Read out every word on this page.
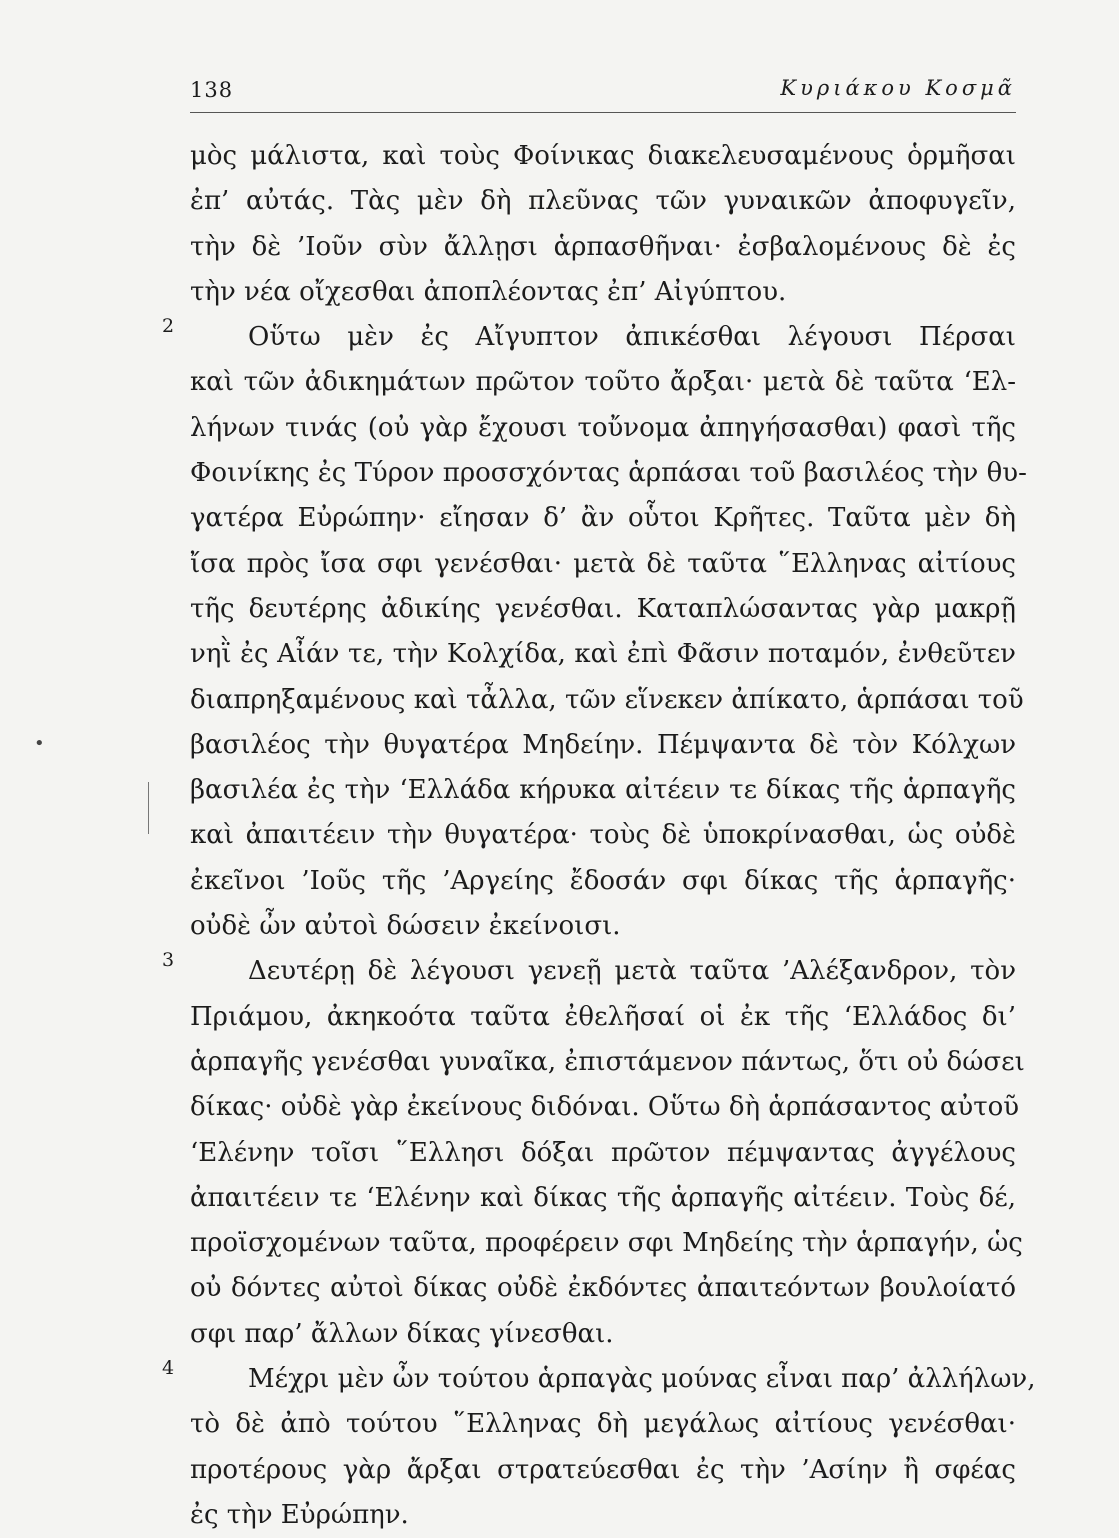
138	Κυριάκου Κοσμᾶ
•
μὸς μάλιστα, καὶ τοὺς Φοίνικας διακελευσαμένους ὁρμῆσαι
ἐπ’ αὐτάς. Τὰς μὲν δὴ πλεῦνας τῶν γυναικῶν ἀποφυγεῖν,
τὴν δὲ ’Ιοῦν σὺν ἄλλῃσι ἁρπασθῆναι· ἐσβαλομένους δὲ ἐς
τὴν νέα οἴχεσθαι ἀποπλέοντας ἐπ’ Αἰγύπτου.
2	Οὕτω μὲν ἐς Αἴγυπτον ἀπικέσθαι λέγουσι Πέρσαι
καὶ τῶν ἀδικημάτων πρῶτον τοῦτο ἄρξαι· μετὰ δὲ ταῦτα ‘Ελ-
λήνων τινάς (οὐ γὰρ ἔχουσι τοὔνομα ἀπηγήσασθαι) φασὶ τῆς
Φοινίκης ἐς Τύρον προσσχόντας ἁρπάσαι τοῦ βασιλέος τὴν θυ-
γατέρα Εὐρώπην· εἴησαν δ’ ἂν οὗτοι Κρῆτες. Ταῦτα μὲν δὴ
ἴσα πρὸς ἴσα σφι γενέσθαι· μετὰ δὲ ταῦτα ῞Ελληνας αἰτίους
τῆς δευτέρης ἀδικίης γενέσθαι. Καταπλώσαντας γὰρ μακρῇ
νηῒ ἐς Αἶάν τε, τὴν Κολχίδα, καὶ ἐπὶ Φᾶσιν ποταμόν, ἐνθεῦτεν
διαπρηξαμένους καὶ τἆλλα, τῶν εἵνεκεν ἀπίκατο, ἁρπάσαι τοῦ
βασιλέος τὴν θυγατέρα Μηδείην. Πέμψαντα δὲ τὸν Κόλχων
βασιλέα ἐς τὴν ‘Ελλάδα κήρυκα αἰτέειν τε δίκας τῆς ἁρπαγῆς
καὶ ἀπαιτέειν τὴν θυγατέρα· τοὺς δὲ ὑποκρίνασθαι, ὡς οὐδὲ
ἐκεῖνοι ’Ιοῦς τῆς ’Αργείης ἔδοσάν σφι δίκας τῆς ἁρπαγῆς·
οὐδὲ ὦν αὐτοὶ δώσειν ἐκείνοισι.
3	Δευτέρῃ δὲ λέγουσι γενεῇ μετὰ ταῦτα ’Αλέξανδρον, τὸν
Πριάμου, ἀκηκοότα ταῦτα ἐθελῆσαί οἱ ἐκ τῆς ‘Ελλάδος δι’
ἁρπαγῆς γενέσθαι γυναῖκα, ἐπιστάμενον πάντως, ὅτι οὐ δώσει
δίκας· οὐδὲ γὰρ ἐκείνους διδόναι. Οὕτω δὴ ἁρπάσαντος αὐτοῦ
‘Ελένην τοῖσι ῞Ελλησι δόξαι πρῶτον πέμψαντας ἀγγέλους
ἀπαιτέειν τε ‘Ελένην καὶ δίκας τῆς ἁρπαγῆς αἰτέειν. Τοὺς δέ,
προϊσχομένων ταῦτα, προφέρειν σφι Μηδείης τὴν ἁρπαγήν, ὡς
οὐ δόντες αὐτοὶ δίκας οὐδὲ ἐκδόντες ἀπαιτεόντων βουλοίατό
σφι παρ’ ἄλλων δίκας γίνεσθαι.
4	Μέχρι μὲν ὦν τούτου ἁρπαγὰς μούνας εἶναι παρ’ ἀλλήλων,
τὸ δὲ ἀπὸ τούτου ῞Ελληνας δὴ μεγάλως αἰτίους γενέσθαι·
προτέρους γὰρ ἄρξαι στρατεύεσθαι ἐς τὴν ’Ασίην ἢ σφέας
ἐς τὴν Εὐρώπην.
